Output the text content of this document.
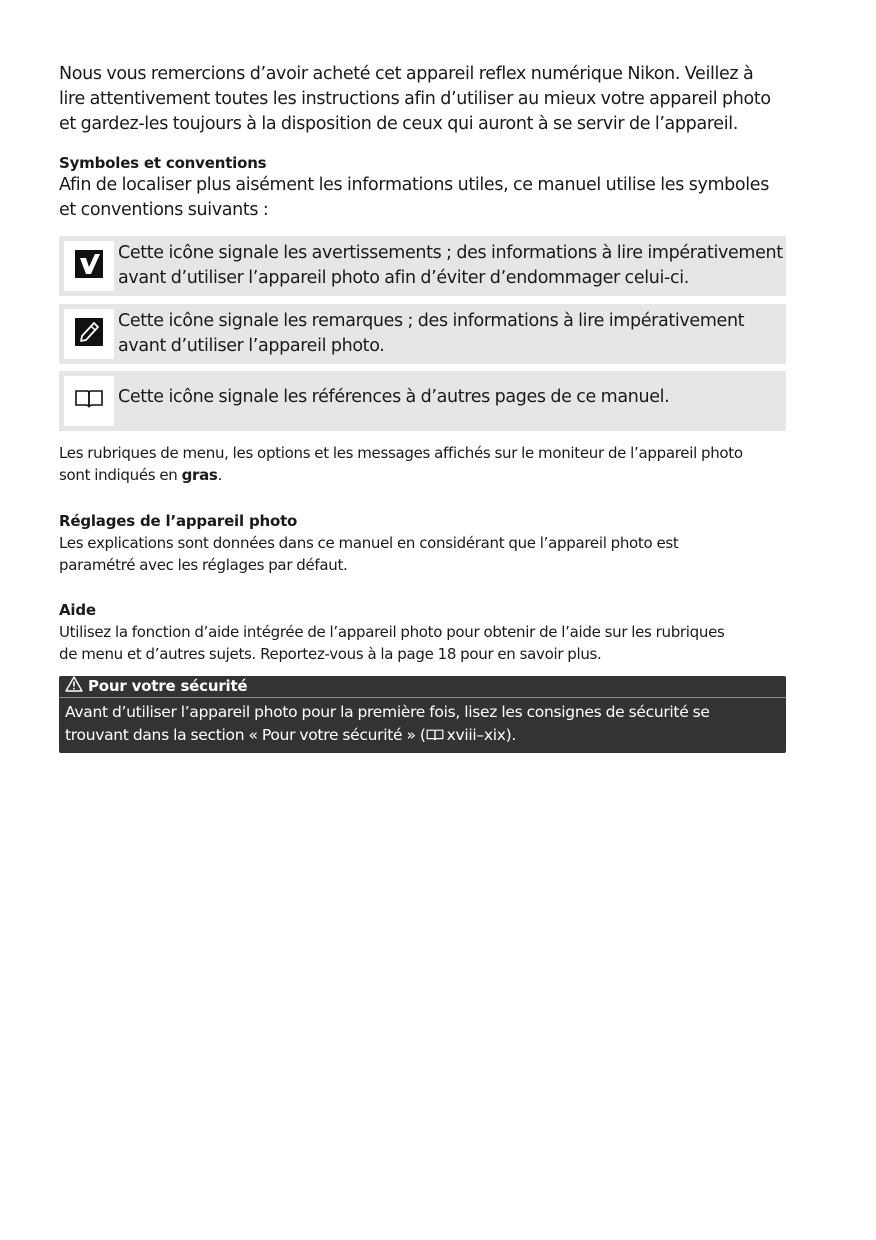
Nous vous remercions d’avoir acheté cet appareil reflex numérique Nikon. Veillez à

lire attentivement toutes les instructions afin d’utiliser au mieux votre appareil photo

et gardez-les toujours à la disposition de ceux qui auront à se servir de l’appareil.

Symboles et conventions

Afin de localiser plus aisément les informations utiles, ce manuel utilise les symboles

et conventions suivants :

Cette icône signale les avertissements ; des informations à lire impérativement
avant d’utiliser l’appareil photo afin d’éviter d’endommager celui-ci.
Cette icône signale les remarques ; des informations à lire impérativement
avant d’utiliser l’appareil photo.
Cette icône signale les références à d’autres pages de ce manuel.

Les rubriques de menu, les options et les messages affichés sur le moniteur de l’appareil photo

sont indiqués en gras.

Réglages de l’appareil photo

Les explications sont données dans ce manuel en considérant que l’appareil photo est

paramétré avec les réglages par défaut.

Aide

Utilisez la fonction d’aide intégrée de l’appareil photo pour obtenir de l’aide sur les rubriques

de menu et d’autres sujets. Reportez-vous à la page 18 pour en savoir plus.

Pour votre sécurité
Avant d’utiliser l’appareil photo pour la première fois, lisez les consignes de sécurité se
trouvant dans la section « Pour votre sécurité » ( xviii–xix).
